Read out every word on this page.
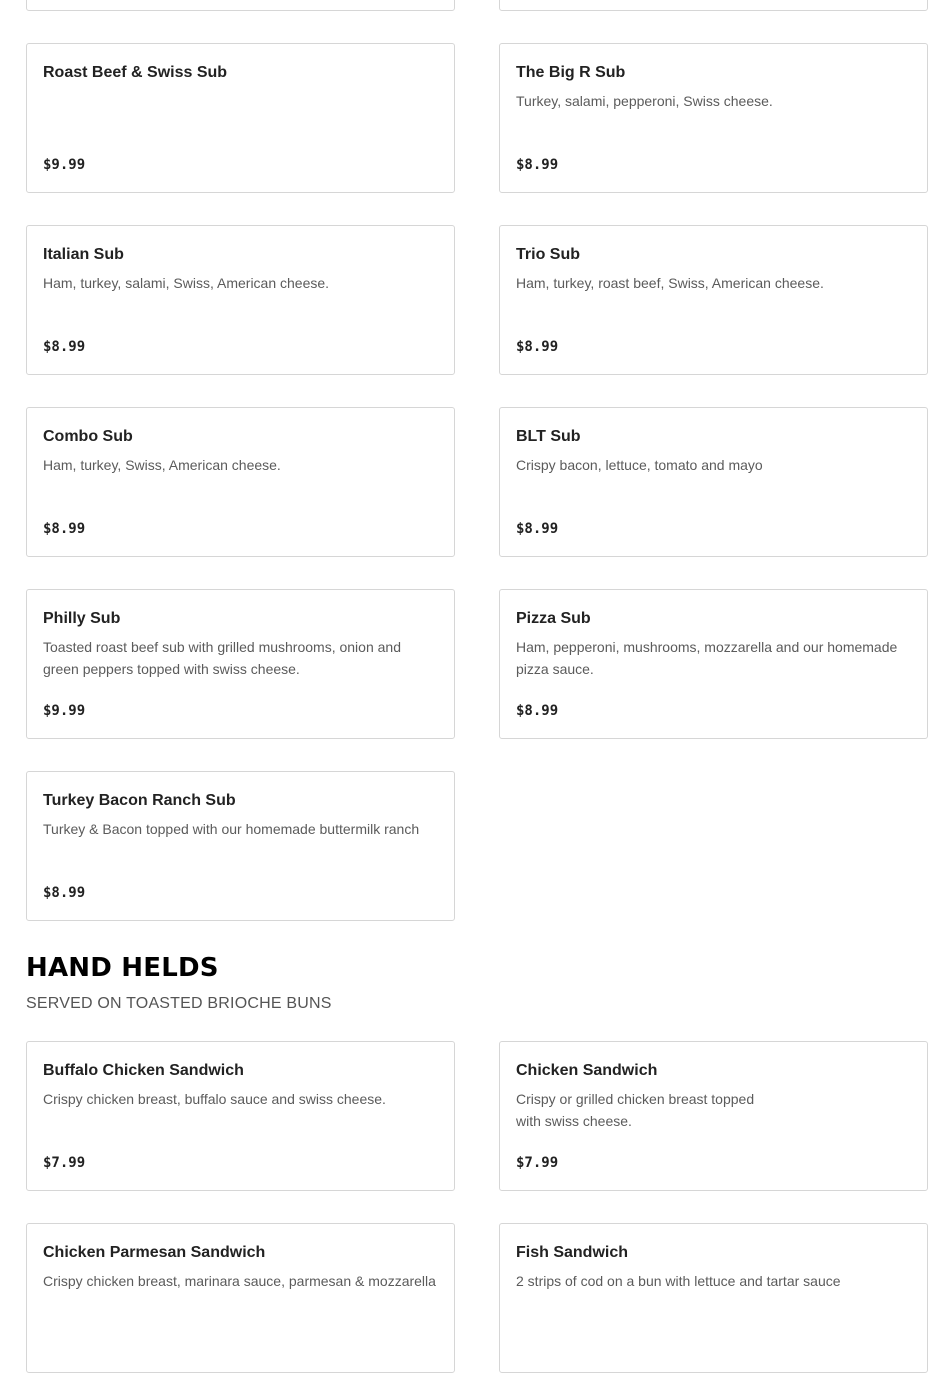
Roast Beef & Swiss Sub
$9.99
The Big R Sub
Turkey, salami, pepperoni, Swiss cheese.
$8.99
Italian Sub
Ham, turkey, salami, Swiss, American cheese.
$8.99
Trio Sub
Ham, turkey, roast beef, Swiss, American cheese.
$8.99
Combo Sub
Ham, turkey, Swiss, American cheese.
$8.99
BLT Sub
Crispy bacon, lettuce, tomato and mayo
$8.99
Philly Sub
Toasted roast beef sub with grilled mushrooms, onion and green peppers topped with swiss cheese.
$9.99
Pizza Sub
Ham, pepperoni, mushrooms, mozzarella and our homemade pizza sauce.
$8.99
Turkey Bacon Ranch Sub
Turkey & Bacon topped with our homemade buttermilk ranch
$8.99
HAND HELDS
SERVED ON TOASTED BRIOCHE BUNS
Buffalo Chicken Sandwich
Crispy chicken breast, buffalo sauce and swiss cheese.
$7.99
Chicken Sandwich
Crispy or grilled chicken breast topped with swiss cheese.
$7.99
Chicken Parmesan Sandwich
Crispy chicken breast, marinara sauce, parmesan & mozzarella
Fish Sandwich
2 strips of cod on a bun with lettuce and tartar sauce
